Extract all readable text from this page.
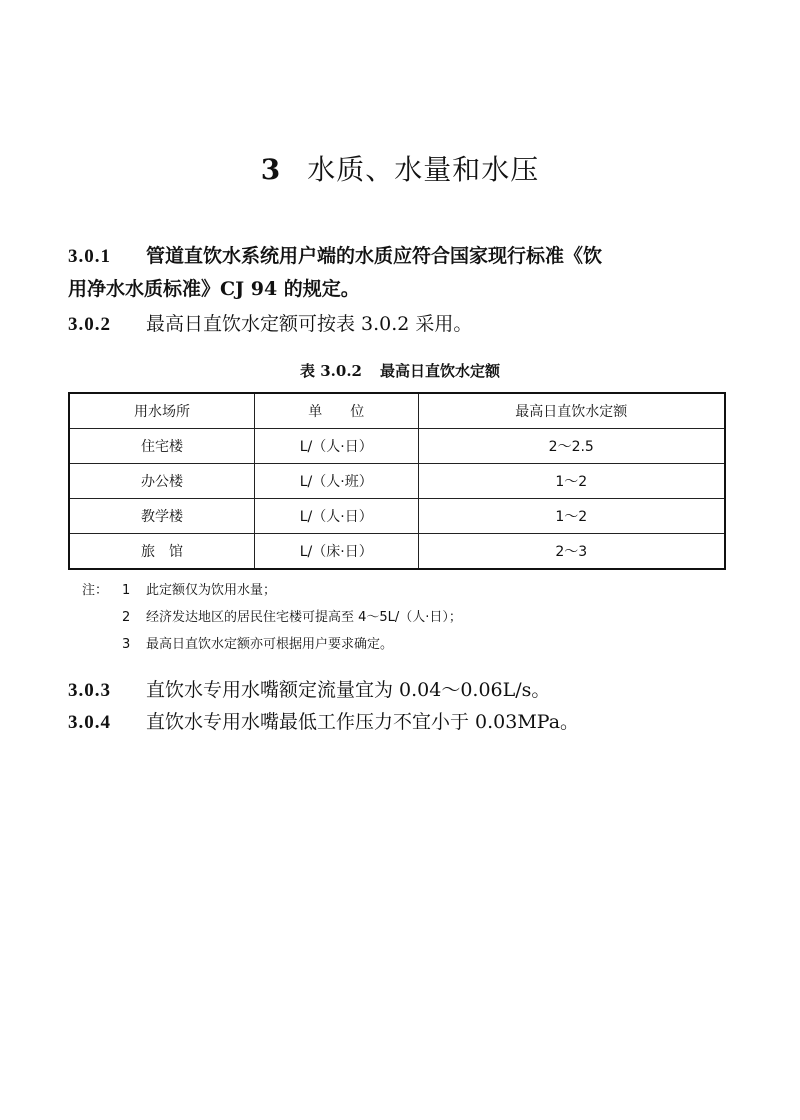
3 水质、水量和水压
3.0.1 管道直饮水系统用户端的水质应符合国家现行标准《饮
用净水水质标准》CJ 94 的规定。
3.0.2 最高日直饮水定额可按表 3.0.2 采用。
表 3.0.2 最高日直饮水定额
用水场所	单　　位	最高日直饮水定额
住宅楼	L/（人·日）	2～2.5
办公楼	L/（人·班）	1～2
教学楼	L/（人·日）	1～2
旅　馆	L/（床·日）	2～3
注：	1	此定额仅为饮用水量；
2	经济发达地区的居民住宅楼可提高至 4～5L/（人·日）；
3	最高日直饮水定额亦可根据用户要求确定。
3.0.3 直饮水专用水嘴额定流量宜为 0.04～0.06L/s。
3.0.4 直饮水专用水嘴最低工作压力不宜小于 0.03MPa。
